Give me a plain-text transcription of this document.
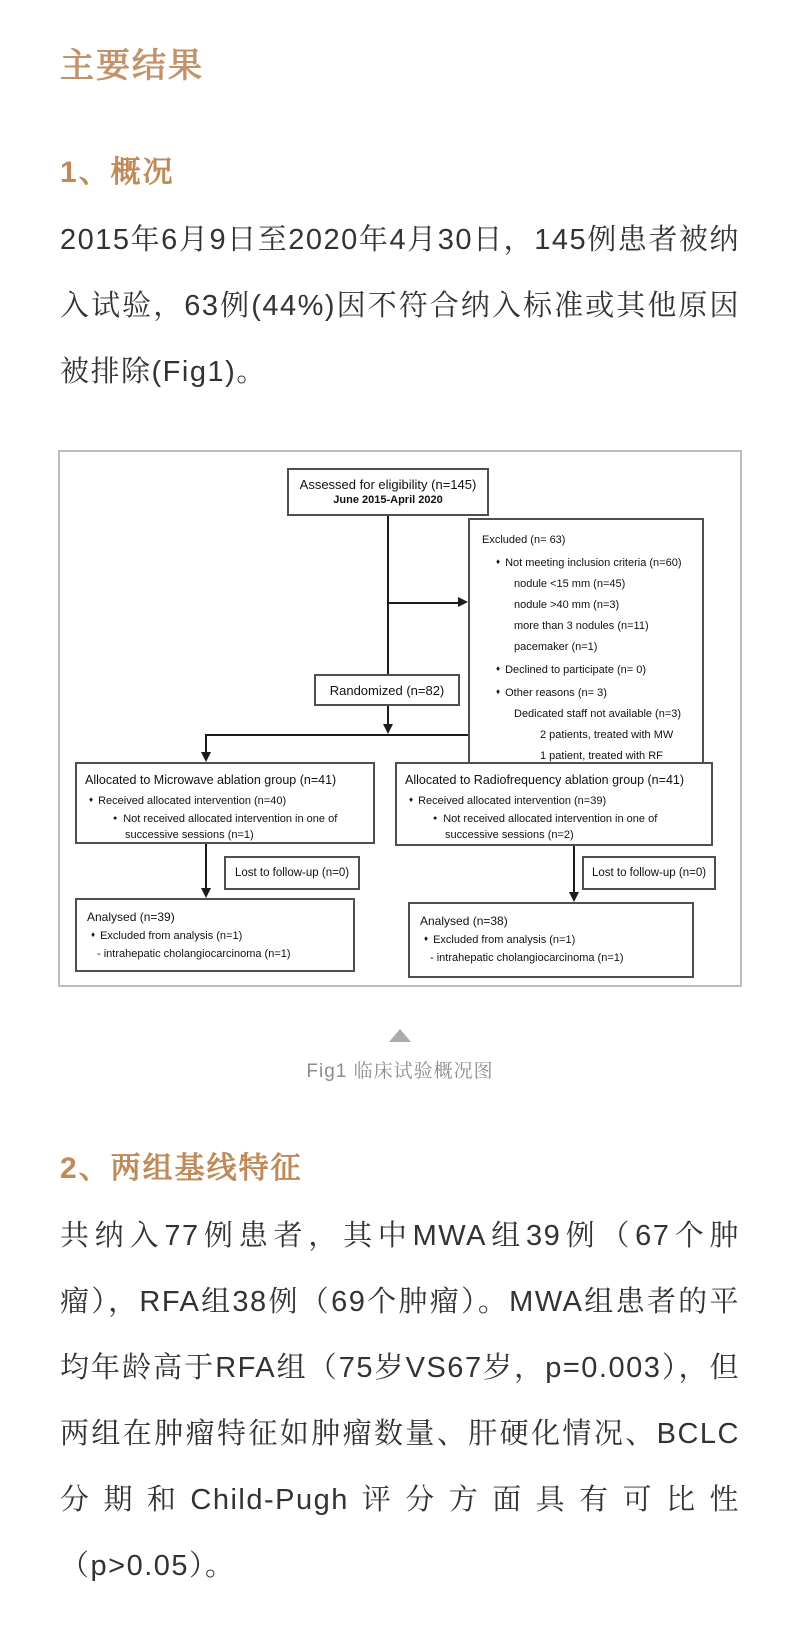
主要结果
1、概况

2015年6月9日至2020年4月30日，145例患者被纳入试验，63例(44%)因不符合纳入标准或其他原因被排除(Fig1)。

Assessed for eligibility (n=145)
June 2015-April 2020
Excluded (n= 63)
♦ Not meeting inclusion criteria (n=60)
nodule <15 mm (n=45)
nodule >40 mm (n=3)
more than 3 nodules (n=11)
pacemaker (n=1)
♦ Declined to participate (n= 0)
♦ Other reasons (n= 3)
Dedicated staff not available (n=3)
2 patients, treated with MW
1 patient, treated with RF
Randomized (n=82)
Allocated to Microwave ablation group (n=41)
♦ Received allocated intervention (n=40)
● Not received allocated intervention in one of successive sessions (n=1)
Allocated to Radiofrequency ablation group (n=41)
♦ Received allocated intervention (n=39)
● Not received allocated intervention in one of successive sessions (n=2)
Lost to follow-up (n=0)	Lost to follow-up (n=0)
Analysed (n=39)
♦ Excluded from analysis (n=1)
- intrahepatic cholangiocarcinoma (n=1)
Analysed (n=38)
♦ Excluded from analysis (n=1)
- intrahepatic cholangiocarcinoma (n=1)
Fig1 临床试验概况图
2、两组基线特征

共纳入77例患者，其中MWA组39例（67个肿瘤），RFA组38例（69个肿瘤）。MWA组患者的平均年龄高于RFA组（75岁VS67岁，p=0.003），但两组在肿瘤特征如肿瘤数量、肝硬化情况、BCLC分期和Child-Pugh评分方面具有可比性（p>0.05）。
